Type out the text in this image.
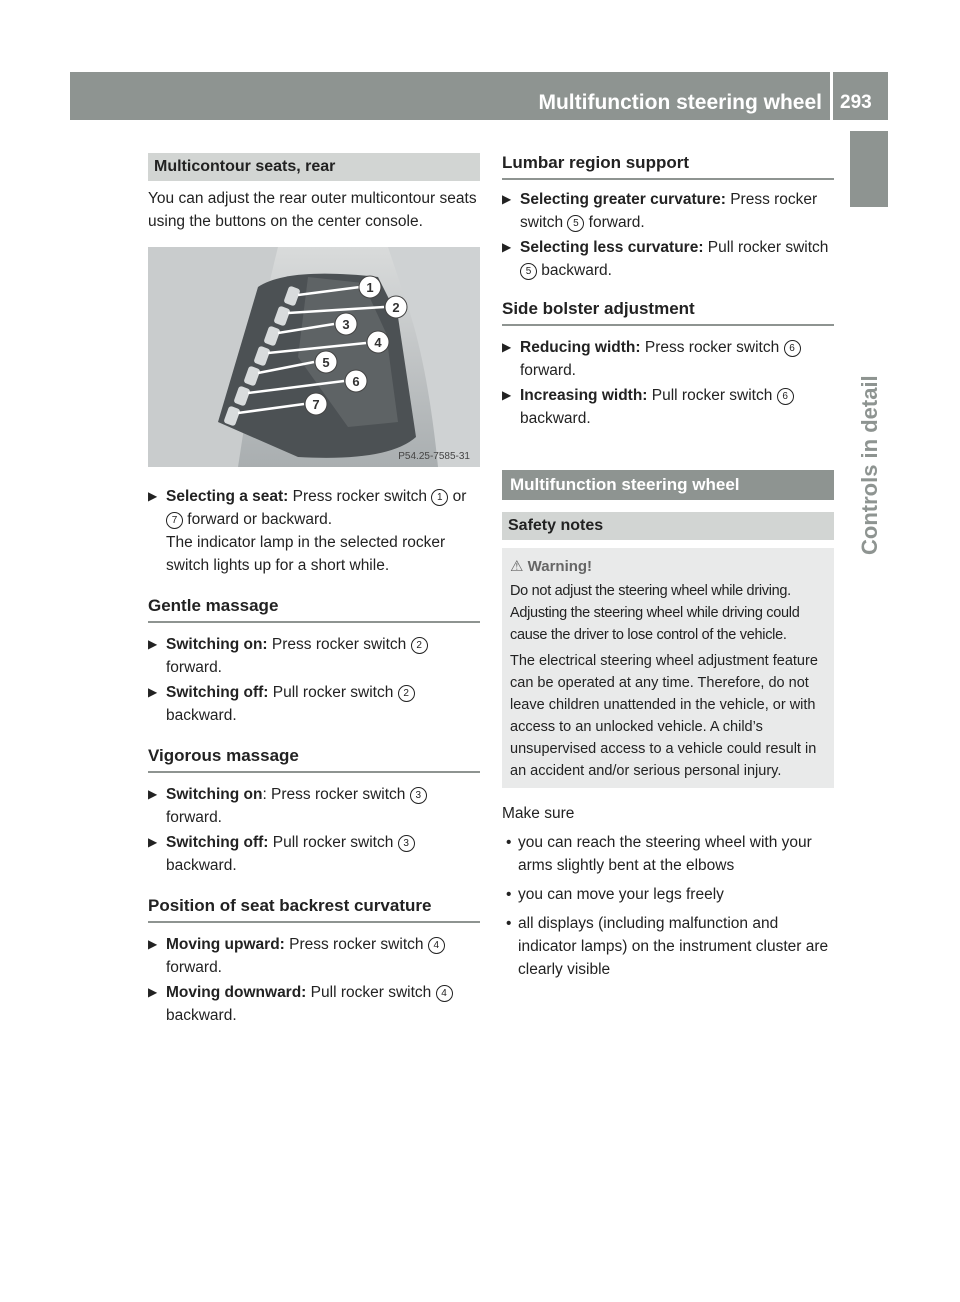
Multifunction steering wheel 293
Controls in detail
Multicontour seats, rear

You can adjust the rear outer multicontour seats using the buttons on the center console.

1
2
3
4
5
6
7
P54.25-7585-31
▶ Selecting a seat: Press rocker switch 1 or 7 forward or backward.
The indicator lamp in the selected rocker switch lights up for a short while.
Gentle massage
▶ Switching on: Press rocker switch 2 forward.
▶ Switching off: Pull rocker switch 2 backward.
Vigorous massage
▶ Switching on: Press rocker switch 3 forward.
▶ Switching off: Pull rocker switch 3 backward.
Position of seat backrest curvature
▶ Moving upward: Press rocker switch 4 forward.
▶ Moving downward: Pull rocker switch 4 backward.
Lumbar region support
▶ Selecting greater curvature: Press rocker switch 5 forward.
▶ Selecting less curvature: Pull rocker switch 5 backward.
Side bolster adjustment
▶ Reducing width: Press rocker switch 6 forward.
▶ Increasing width: Pull rocker switch 6 backward.
Multifunction steering wheel
Safety notes
⚠ Warning!

Do not adjust the steering wheel while driving. Adjusting the steering wheel while driving could cause the driver to lose control of the vehicle.

The electrical steering wheel adjustment feature can be operated at any time. Therefore, do not leave children unattended in the vehicle, or with access to an unlocked vehicle. A child’s unsupervised access to a vehicle could result in an accident and/or serious personal injury.

Make sure

• you can reach the steering wheel with your arms slightly bent at the elbows
• you can move your legs freely
• all displays (including malfunction and indicator lamps) on the instrument cluster are clearly visible
